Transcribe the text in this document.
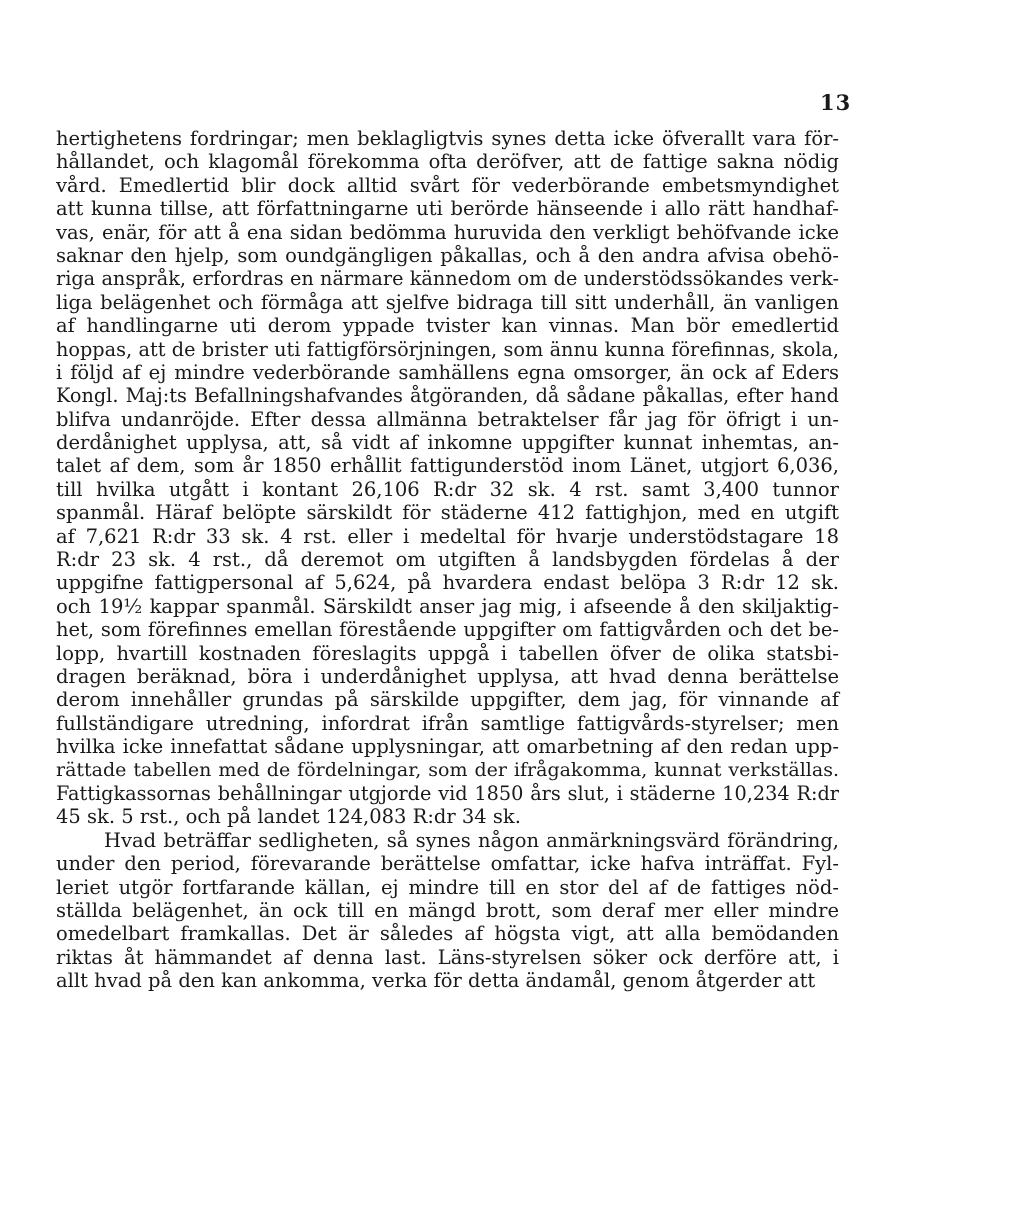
13
hertighetens fordringar; men beklagligtvis synes detta icke öfverallt vara för-
hållandet, och klagomål förekomma ofta deröfver, att de fattige sakna nödig
vård. Emedlertid blir dock alltid svårt för vederbörande embetsmyndighet
att kunna tillse, att författningarne uti berörde hänseende i allo rätt handhaf-
vas, enär, för att å ena sidan bedömma huruvida den verkligt behöfvande icke
saknar den hjelp, som oundgängligen påkallas, och å den andra afvisa obehö-
riga anspråk, erfordras en närmare kännedom om de understödssökandes verk-
liga belägenhet och förmåga att sjelfve bidraga till sitt underhåll, än vanligen
af handlingarne uti derom yppade tvister kan vinnas. Man bör emedlertid
hoppas, att de brister uti fattigförsörjningen, som ännu kunna förefinnas, skola,
i följd af ej mindre vederbörande samhällens egna omsorger, än ock af Eders
Kongl. Maj:ts Befallningshafvandes åtgöranden, då sådane påkallas, efter hand
blifva undanröjde. Efter dessa allmänna betraktelser får jag för öfrigt i un-
derdånighet upplysa, att, så vidt af inkomne uppgifter kunnat inhemtas, an-
talet af dem, som år 1850 erhållit fattigunderstöd inom Länet, utgjort 6,036,
till hvilka utgått i kontant 26,106 R:dr 32 sk. 4 rst. samt 3,400 tunnor
spanmål. Häraf belöpte särskildt för städerne 412 fattighjon, med en utgift
af 7,621 R:dr 33 sk. 4 rst. eller i medeltal för hvarje understödstagare 18
R:dr 23 sk. 4 rst., då deremot om utgiften å landsbygden fördelas å der
uppgifne fattigpersonal af 5,624, på hvardera endast belöpa 3 R:dr 12 sk.
och 19½ kappar spanmål. Särskildt anser jag mig, i afseende å den skiljaktig-
het, som förefinnes emellan förestående uppgifter om fattigvården och det be-
lopp, hvartill kostnaden föreslagits uppgå i tabellen öfver de olika statsbi-
dragen beräknad, böra i underdånighet upplysa, att hvad denna berättelse
derom innehåller grundas på särskilde uppgifter, dem jag, för vinnande af
fullständigare utredning, infordrat ifrån samtlige fattigvårds-styrelser; men
hvilka icke innefattat sådane upplysningar, att omarbetning af den redan upp-
rättade tabellen med de fördelningar, som der ifrågakomma, kunnat verkställas.
Fattigkassornas behållningar utgjorde vid 1850 års slut, i städerne 10,234 R:dr
45 sk. 5 rst., och på landet 124,083 R:dr 34 sk.
Hvad beträffar sedligheten, så synes någon anmärkningsvärd förändring,
under den period, förevarande berättelse omfattar, icke hafva inträffat. Fyl-
leriet utgör fortfarande källan, ej mindre till en stor del af de fattiges nöd-
ställda belägenhet, än ock till en mängd brott, som deraf mer eller mindre
omedelbart framkallas. Det är således af högsta vigt, att alla bemödanden
riktas åt hämmandet af denna last. Läns-styrelsen söker ock derföre att, i
allt hvad på den kan ankomma, verka för detta ändamål, genom åtgerder att
